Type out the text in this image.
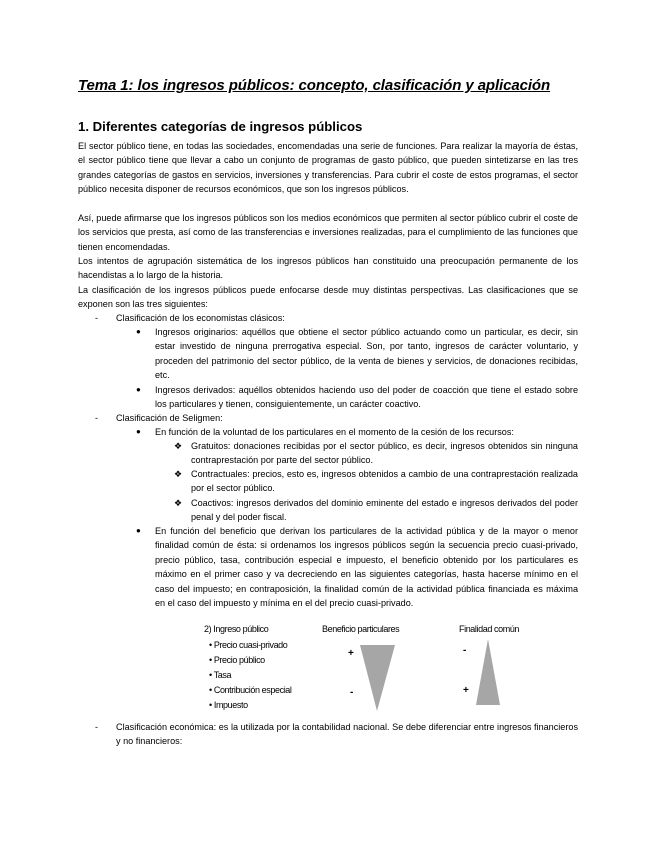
Tema 1: los ingresos públicos: concepto, clasificación y aplicación
1. Diferentes categorías de ingresos públicos
El sector público tiene, en todas las sociedades, encomendadas una serie de funciones. Para realizar la mayoría de éstas, el sector público tiene que llevar a cabo un conjunto de programas de gasto público, que pueden sintetizarse en las tres grandes categorías de gastos en servicios, inversiones y transferencias. Para cubrir el coste de estos programas, el sector público necesita disponer de recursos económicos, que son los ingresos públicos.
Así, puede afirmarse que los ingresos públicos son los medios económicos que permiten al sector público cubrir el coste de los servicios que presta, así como de las transferencias e inversiones realizadas, para el cumplimiento de las funciones que tienen encomendadas.
Los intentos de agrupación sistemática de los ingresos públicos han constituido una preocupación permanente de los hacendistas a lo largo de la historia.
La clasificación de los ingresos públicos puede enfocarse desde muy distintas perspectivas. Las clasificaciones que se exponen son las tres siguientes:
- Clasificación de los economistas clásicos:
● Ingresos originarios: aquéllos que obtiene el sector público actuando como un particular, es decir, sin estar investido de ninguna prerrogativa especial. Son, por tanto, ingresos de carácter voluntario, y proceden del patrimonio del sector público, de la venta de bienes y servicios, de donaciones recibidas, etc.
● Ingresos derivados: aquéllos obtenidos haciendo uso del poder de coacción que tiene el estado sobre los particulares y tienen, consiguientemente, un carácter coactivo.
- Clasificación de Seligmen:
● En función de la voluntad de los particulares en el momento de la cesión de los recursos:
❖ Gratuitos: donaciones recibidas por el sector público, es decir, ingresos obtenidos sin ninguna contraprestación por parte del sector público.
❖ Contractuales: precios, esto es, ingresos obtenidos a cambio de una contraprestación realizada por el sector público.
❖ Coactivos: ingresos derivados del dominio eminente del estado e ingresos derivados del poder penal y del poder fiscal.
● En función del beneficio que derivan los particulares de la actividad pública y de la mayor o menor finalidad común de ésta: si ordenamos los ingresos públicos según la secuencia precio cuasi-privado, precio público, tasa, contribución especial e impuesto, el beneficio obtenido por los particulares es máximo en el primer caso y va decreciendo en las siguientes categorías, hasta hacerse mínimo en el caso del impuesto; en contraposición, la finalidad común de la actividad pública financiada es máxima en el caso del impuesto y mínima en el del precio cuasi-privado.
2) Ingreso público	Beneficio particulares	Finalidad común
• Precio cuasi-privado
• Precio público
• Tasa
• Contribución especial
• Impuesto
+
-
-
+
- Clasificación económica: es la utilizada por la contabilidad nacional. Se debe diferenciar entre ingresos financieros y no financieros:
